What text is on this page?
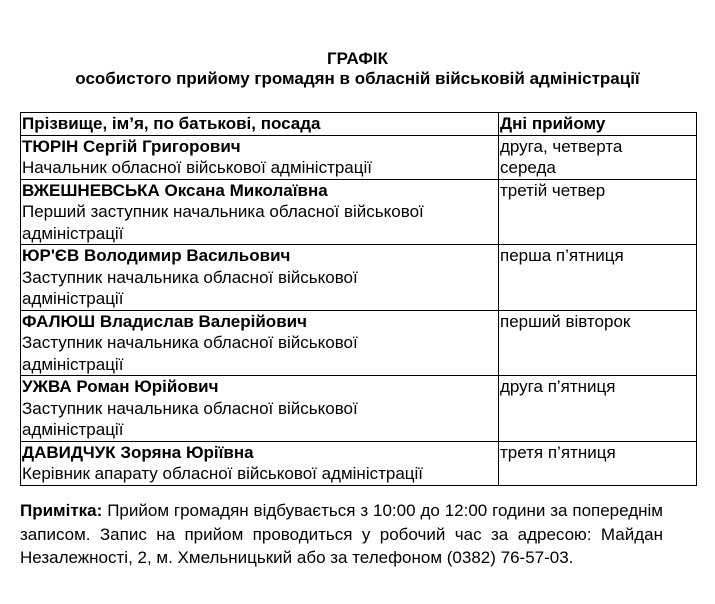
ГРАФІК
особистого прийому громадян в обласній військовій адміністрації
Прізвище, ім’я, по батькові, посада	Дні прийому

ТЮРІН Сергій Григорович
Начальник обласної військової адміністрації	друга, четверта середа

ВЖЕШНЕВСЬКА Оксана Миколаївна
Перший заступник начальника обласної військової адміністрації	третій четвер

ЮР'ЄВ Володимир Васильович
Заступник начальника обласної військової адміністрації	перша п’ятниця

ФАЛЮШ Владислав Валерійович
Заступник начальника обласної військової адміністрації	перший вівторок

УЖВА Роман Юрійович
Заступник начальника обласної військової адміністрації	друга п’ятниця

ДАВИДЧУК Зоряна Юріївна
Керівник апарату обласної військової адміністрації	третя п’ятниця

Примітка: Прийом громадян відбувається з 10:00 до 12:00 години за попереднім записом. Запис на прийом проводиться у робочий час за адресою: Майдан Незалежності, 2, м. Хмельницький або за телефоном (0382) 76-57-03.
